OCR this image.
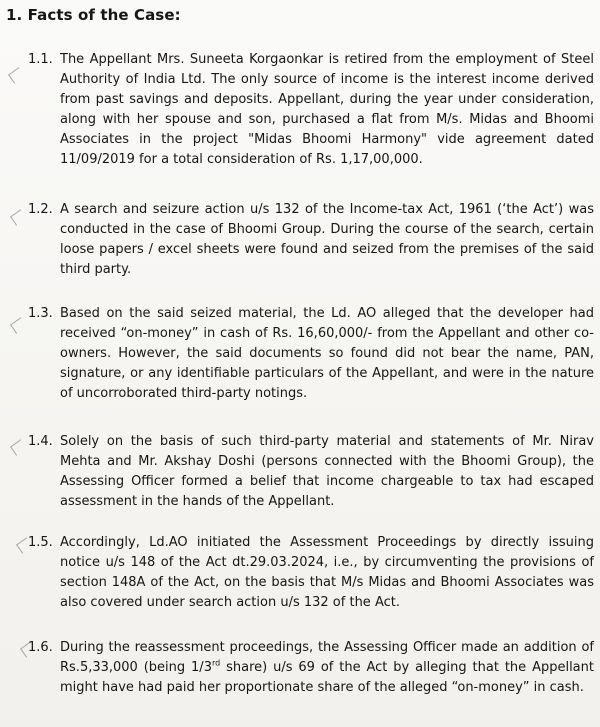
1. Facts of the Case:
1.1. The Appellant Mrs. Suneeta Korgaonkar is retired from the employment of Steel Authority of India Ltd. The only source of income is the interest income derived from past savings and deposits. Appellant, during the year under consideration, along with her spouse and son, purchased a flat from M/s. Midas and Bhoomi Associates in the project "Midas Bhoomi Harmony" vide agreement dated 11/09/2019 for a total consideration of Rs. 1,17,00,000.
1.2. A search and seizure action u/s 132 of the Income-tax Act, 1961 (‘the Act’) was conducted in the case of Bhoomi Group. During the course of the search, certain loose papers / excel sheets were found and seized from the premises of the said third party.
1.3. Based on the said seized material, the Ld. AO alleged that the developer had received “on-money” in cash of Rs. 16,60,000/- from the Appellant and other co-owners. However, the said documents so found did not bear the name, PAN, signature, or any identifiable particulars of the Appellant, and were in the nature of uncorroborated third-party notings.
1.4. Solely on the basis of such third-party material and statements of Mr. Nirav Mehta and Mr. Akshay Doshi (persons connected with the Bhoomi Group), the Assessing Officer formed a belief that income chargeable to tax had escaped assessment in the hands of the Appellant.
1.5. Accordingly, Ld.AO initiated the Assessment Proceedings by directly issuing notice u/s 148 of the Act dt.29.03.2024, i.e., by circumventing the provisions of section 148A of the Act, on the basis that M/s Midas and Bhoomi Associates was also covered under search action u/s 132 of the Act.
1.6. During the reassessment proceedings, the Assessing Officer made an addition of Rs.5,33,000 (being 1/3rd share) u/s 69 of the Act by alleging that the Appellant might have had paid her proportionate share of the alleged “on-money” in cash.
